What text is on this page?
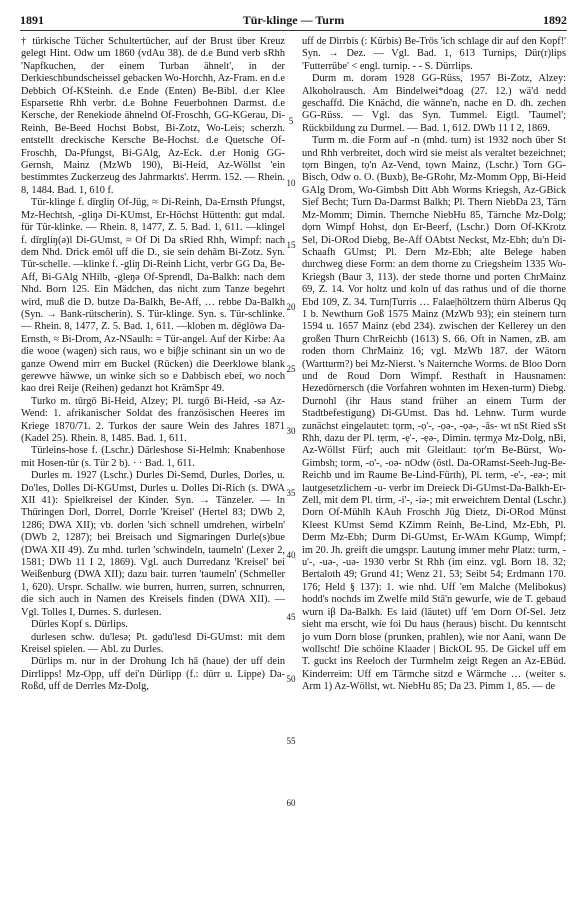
1891	Tür-klinge — Turm	1892

† türkische Tücher Schultertücher, auf der Brust über Kreuz gelegt Hint. Odw um 1860 (vdAu 38). de d.e Bund verb sRhh 'Napfkuchen, der einem Turban ähnelt', in der Derkieschbundscheissel gebacken Wo-Horchh, Az-Fram. en d.e Debbich Of-KSteinh. d.e Ende (Enten) Be-Bibl. d.er Klee Esparsette Rhh verbr. d.e Bohne Feuerbohnen Darmst. d.e Kersche, der Renekiode ähnelnd Of-Froschh, GG-KGerau, Di-Reinh, Be-Beed Hochst Bobst, Bi-Zotz, Wo-Leis; scherzh. entstellt dreckische Kersche Be-Hochst. d.e Quetsche Of-Froschh, Da-Pfungst, Bi-GAlg, Az-Eck. d.er Honig GG-Gernsh, Mainz (MzWb 190), Bi-Heid, Az-Wöllst 'ein bestimmtes Zuckerzeug des Jahrmarkts'. Herrm. 152. — Rhein. 8, 1484. Bad. 1, 610 f.

Tür-klinge f. dīrgliŋ Of-Jüg, ≈ Di-Reinh, Da-Ernsth Pfungst, Mz-Hechtsh, -gliŋə Di-KUmst, Er-Höchst Hüttenth: gut mdal. für Tür-klinke. — Rhein. 8, 1477, Z. 5. Bad. 1, 611. —klingel f. dīrgliŋ(ə)l Di-GUmst, ≈ Of Di Da sRied Rhh, Wimpf: nach dem Nhd. Drick emōl uff die D., sie sein dehām Bi-Zotz. Syn. Tür-schelle. —klinke f. -gliŋ Di-Reinh Licht, verbr GG Da, Be-Aff, Bi-GAlg NHilb, -gleŋə Of-Sprendl, Da-Balkh: nach dem Nhd. Born 125. Ein Mädchen, das nicht zum Tanze begehrt wird, muß die D. butze Da-Balkh, Be-Aff, … rebbe Da-Balkh (Syn. → Bank-rütscherin). S. Tür-klinge. Syn. s. Tür-schlinke. — Rhein. 8, 1477, Z. 5. Bad. 1, 611. —kloben m. dēglōwə Da-Ernsth, ≈ Bi-Drom, Az-NSaulh: = Tür-angel. Auf der Kirbe: Aa die wooe (wagen) sich raus, wo e biβje schinant sin un wo de ganze Owend mirr em Buckel (Rücken) die Deerklowe blank gerewve häwwe, un winke sich so e Dabbisch ebei, wo noch kao drei Reije (Reihen) gedanzt hot KrämSpr 49.

Turko m. tūrgō Bi-Heid, Alzey; Pl. turgō Bi-Heid, -sə Az-Wend: 1. afrikanischer Soldat des französischen Heeres im Kriege 1870/71. 2. Turkos der saure Wein des Jahres 1871 (Kadel 25). Rhein. 8, 1485. Bad. 1, 611.

Türleins-hose f. (Lschr.) Därleshose Si-Helmh: Knabenhose mit Hosen-tür (s. Tür 2 b). · · Bad. 1, 611.

Durles m. 1927 (Lschr.) Durles Di-Semd, Durles, Dorles, u. Do'les, Dolles Di-KGUmst, Durles u. Dolles Di-Rich (s. DWA XII 41): Spielkreisel der Kinder. Syn. → Tänzeler. — In Thüringen Dorl, Dorrel, Dorrle 'Kreisel' (Hertel 83; DWb 2, 1286; DWA XII); vb. dorlen 'sich schnell umdrehen, wirbeln' (DWb 2, 1287); bei Breisach und Sigmaringen Durle(s)bue (DWA XII 49). Zu mhd. turlen 'schwindeln, taumeln' (Lexer 2, 1581; DWb 11 I 2, 1869). Vgl. auch Durredanz 'Kreisel' bei Weißenburg (DWA XII); dazu bair. turren 'taumeln' (Schmeller 1, 620). Urspr. Schallw. wie burren, hurren, surren, schnurren, die sich auch in Namen des Kreisels finden (DWA XII). — Vgl. Tolles I, Durnes. S. durlesen.

Dürles Kopf s. Dürlips.

durlesen schw. du'lesə; Pt. gədu'lesd Di-GUmst: mit dem Kreisel spielen. — Abl. zu Durles.

Dürlips m. nur in der Drohung Ich hā (haue) der uff dein Dirrlipps! Mz-Opp, uff dei'n Dürlipp (f.: dürr u. Lippe) Da-Roßd, uff de Derrles Mz-Dolg,

5
10
15
20
25
30
35
40
45
50
55
60

uff de Dirrbis (: Kürbis) Be-Trös 'ich schlage dir auf den Kopf!' Syn. → Dez. — Vgl. Bad. 1, 613 Turnips, Dür(r)lips 'Futterrübe' < engl. turnip. - - S. Dürrlips.

Durm m. dorəm 1928 GG-Rüss, 1957 Bi-Zotz, Alzey: Alkoholrausch. Am Bindelwei*doag (27. 12.) wä'd nedd geschaffd. Die Knächd, die wänne'n, nache en D. dh. zechen GG-Rüss. — Vgl. das Syn. Tummel. Eigtl. 'Taumel'; Rückbildung zu Durmel. — Bad. 1, 612. DWb 11 I 2, 1869.

Turm m. die Form auf -n (mhd. turn) ist 1932 noch über St und Rhh verbreitet, doch wird sie meist als veraltet bezeichnet; tọrn Bingen, tọ'n Az-Vend, tọwn Mainz, (Lschr.) Torn GG-Bisch, Odw o. O. (Buxb), Be-GRohr, Mz-Momm Opp, Bi-Heid GAlg Drom, Wo-Gimbsh Ditt Abh Worms Kriegsh, Az-GBick Sief Becht; Turn Da-Darmst Balkh; Pl. Thern NiebDa 23, Tärn Mz-Momm; Dimin. Thernche NiebHu 85, Tärnche Mz-Dolg; dọrn Wimpf Hohst, dọn Er-Beerf, (Lschr.) Dorn Of-KKrotz Sel, Di-ORod Diebg, Be-Aff OAbtst Neckst, Mz-Ebh; du'n Di-Schaafh GUmst; Pl. Dern Mz-Ebh; alte Belege haben durchweg diese Form: an dem thorne zu Criegsheim 1335 Wo-Kriegsh (Baur 3, 113). der stede thorne und porten ChrMainz 69, Z. 14. Vor holtz und koln uf das rathus und of die thorne Ebd 109, Z. 34. Turn|Turris … Falae|höltzern thürn Alberus Qq 1 b. Newthurn Goß 1575 Mainz (MzWb 93); ein steinern turn 1594 u. 1657 Mainz (ebd 234). zwischen der Kellerey un den großen Thurn ChrReichb (1613) S. 66. Oft in Namen, zB. am roden thorn ChrMainz 16; vgl. MzWb 187. der Wätorn (Wartturm?) bei Mz-Nierst. 's Naiternche Worms. de Bloo Dorn und de Roud Dorn Wimpf. Resthaft in Hausnamen: Hezedörnersch (die Vorfahren wohnten im Hexen-turm) Diebg. Durnohl (ihr Haus stand früher an einem Turm der Stadtbefestigung) Di-GUmst. Das hd. Lehnw. Turm wurde zunächst eingelautet: tọrm, -ọ'-, -ọə-, -ọə-, -ās- wt nSt Ried sSt Rhh, dazu der Pl. tẹrm, -ẹ'-, -ẹə-, Dimin. tẹrmχə Mz-Dolg, nBi, Az-Wöllst Fürf; auch mit Gleitlaut: tọr'm Be-Bürst, Wo-Gimbsh; torm, -o'-, -oə- nOdw (östl. Da-ORamst-Seeh-Jug-Be-Reichb und im Raume Be-Lind-Fürth), Pl. term, -e'-, -eə-; mit lautgesetzlichem -u- verbr im Dreieck Di-GUmst-Da-Balkh-Er-Zell, mit dem Pl. tirm, -i'-, -iə-; mit erweichtem Dental (Lschr.) Dorn Of-Mühlh KAuh Froschh Jūg Dietz, Di-ORod Münst Kleest KUmst Semd KZimm Reinh, Be-Lind, Mz-Ebh, Pl. Derm Mz-Ebh; Durm Di-GUmst, Er-WAm KGump, Wimpf; im 20. Jh. greift die umgspr. Lautung immer mehr Platz: turm, -u'-, -uə-, -uə- 1930 verbr St Rhh (im einz. vgl. Born 18. 32; Bertaloth 49; Grund 41; Wenz 21. 53; Seibt 54; Erdmann 170. 176; Held § 137): 1. wie nhd. Uff 'em Malche (Melibokus) hodd's nochds im Zwelfe mild Stā'n gewurfe, wie de T. gebaud wurn iβ Da-Balkh. Es laid (läutet) uff 'em Dorn Of-Sel. Jetz sieht ma erscht, wie foi Du haus (heraus) bischt. Du kenntscht jo vum Dorn blose (prunken, prahlen), wie nor Aani, wann De wollscht! Die schöine Klaader | BickOL 95. De Gickel uff em T. guckt ins Reeloch der Turmhelm zeigt Regen an Az-EBüd. Kinderreim: Uff em Tärmche sitzd e Wärmche … (weiter s. Arm 1) Az-Wöllst, wt. NiebHu 85; Da 23. Pimm 1, 85. — de
